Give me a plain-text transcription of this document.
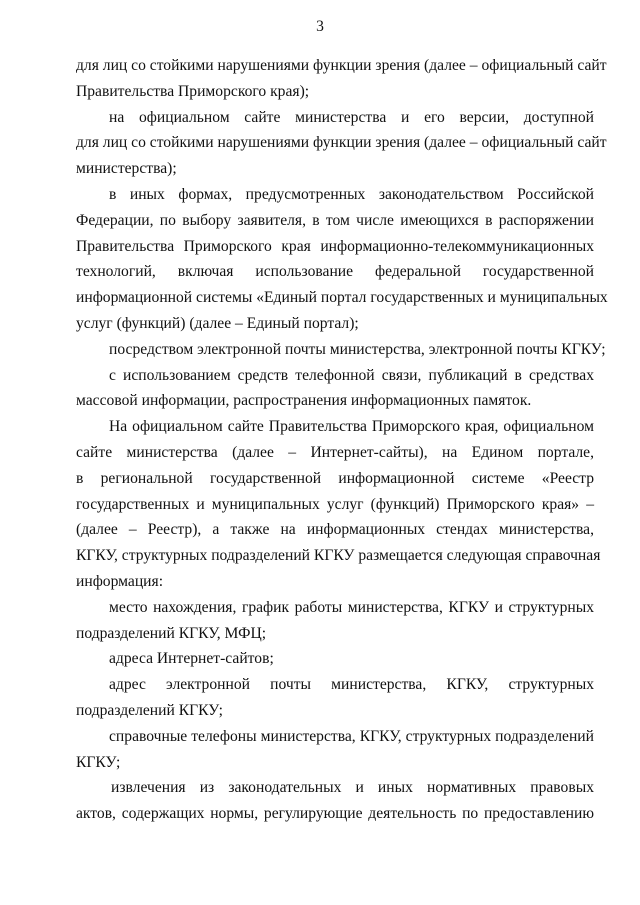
3
для лиц со стойкими нарушениями функции зрения (далее – официальный сайт
Правительства Приморского края);
на официальном сайте министерства и его версии, доступной
для лиц со стойкими нарушениями функции зрения (далее – официальный сайт
министерства);
в иных формах, предусмотренных законодательством Российской
Федерации, по выбору заявителя, в том числе имеющихся в распоряжении
Правительства Приморского края информационно-телекоммуникационных
технологий, включая использование федеральной государственной
информационной системы «Единый портал государственных и муниципальных
услуг (функций) (далее – Единый портал);
посредством электронной почты министерства, электронной почты КГКУ;
с использованием средств телефонной связи, публикаций в средствах
массовой информации, распространения информационных памяток.
На официальном сайте Правительства Приморского края, официальном
сайте министерства (далее – Интернет-сайты), на Едином портале,
в региональной государственной информационной системе «Реестр
государственных и муниципальных услуг (функций) Приморского края» –
(далее – Реестр), а также на информационных стендах министерства,
КГКУ, структурных подразделений КГКУ размещается следующая справочная
информация:
место нахождения, график работы министерства, КГКУ и структурных
подразделений КГКУ, МФЦ;
адреса Интернет-сайтов;
адрес электронной почты министерства, КГКУ, структурных
подразделений КГКУ;
справочные телефоны министерства, КГКУ, структурных подразделений
КГКУ;
извлечения из законодательных и иных нормативных правовых
актов, содержащих нормы, регулирующие деятельность по предоставлению
